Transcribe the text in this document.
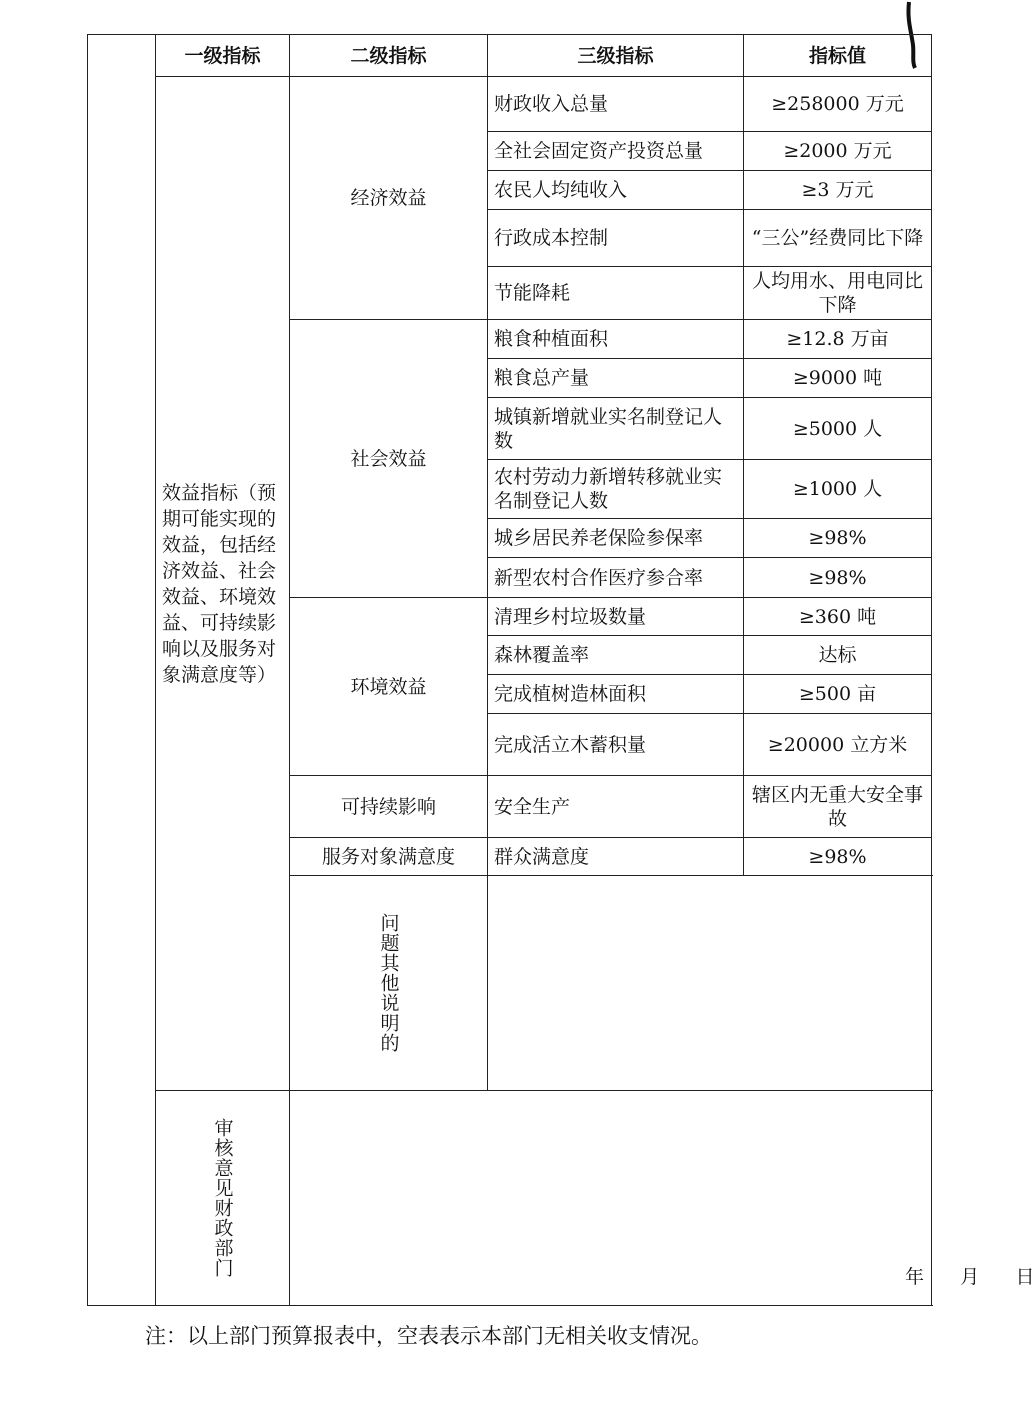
	一级指标	二级指标	三级指标	指标值
	效益指标（预期可能实现的效益，包括经济效益、社会效益、环境效益、可持续影响以及服务对象满意度等）	经济效益	财政收入总量	≥258000 万元
			全社会固定资产投资总量	≥2000 万元
			农民人均纯收入	≥3 万元
			行政成本控制	“三公”经费同比下降
			节能降耗	人均用水、用电同比下降
		社会效益	粮食种植面积	≥12.8 万亩
			粮食总产量	≥9000 吨
			城镇新增就业实名制登记人数	≥5000 人
			农村劳动力新增转移就业实名制登记人数	≥1000 人
			城乡居民养老保险参保率	≥98%
			新型农村合作医疗参合率	≥98%
		环境效益	清理乡村垃圾数量	≥360 吨
			森林覆盖率	达标
			完成植树造林面积	≥500 亩
			完成活立木蓄积量	≥20000 立方米
		可持续影响	安全生产	辖区内无重大安全事故
		服务对象满意度	群众满意度	≥98%

		问题其他说明的		

	审核意见财政部门	年      月      日		
注：以上部门预算报表中，空表表示本部门无相关收支情况。
